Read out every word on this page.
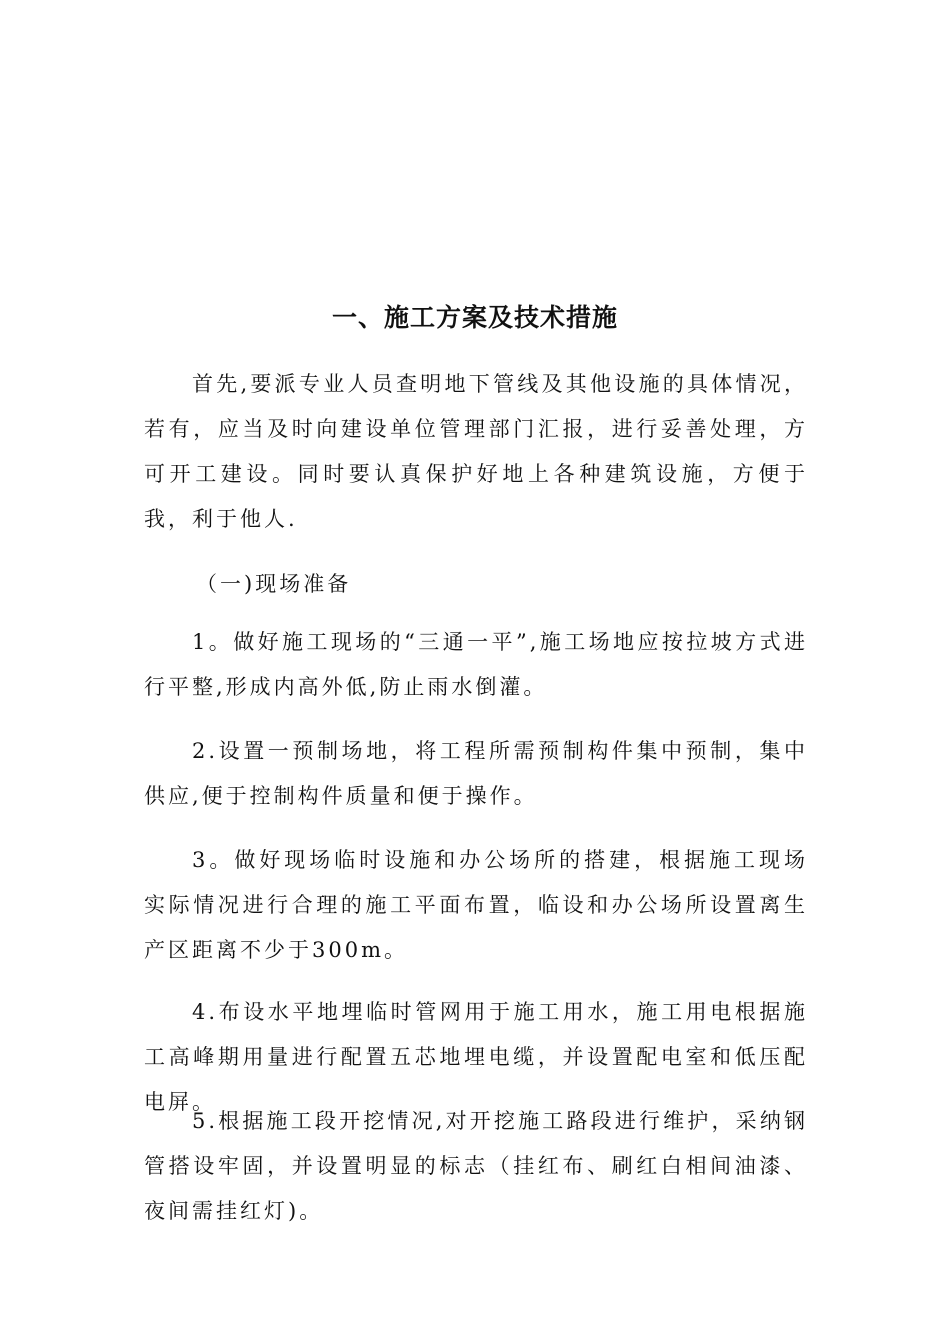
一、施工方案及技术措施

首先,要派专业人员查明地下管线及其他设施的具体情况，若有，应当及时向建设单位管理部门汇报，进行妥善处理，方可开工建设。同时要认真保护好地上各种建筑设施，方便于我，利于他人.

（一)现场准备

1。做好施工现场的“三通一平”,施工场地应按拉坡方式进行平整,形成内高外低,防止雨水倒灌。

2.设置一预制场地，将工程所需预制构件集中预制，集中供应,便于控制构件质量和便于操作。

3。做好现场临时设施和办公场所的搭建，根据施工现场实际情况进行合理的施工平面布置，临设和办公场所设置离生产区距离不少于300m。

4.布设水平地埋临时管网用于施工用水，施工用电根据施工高峰期用量进行配置五芯地埋电缆，并设置配电室和低压配电屏。

5.根据施工段开挖情况,对开挖施工路段进行维护，采纳钢管搭设牢固，并设置明显的标志（挂红布、刷红白相间油漆、夜间需挂红灯)。
